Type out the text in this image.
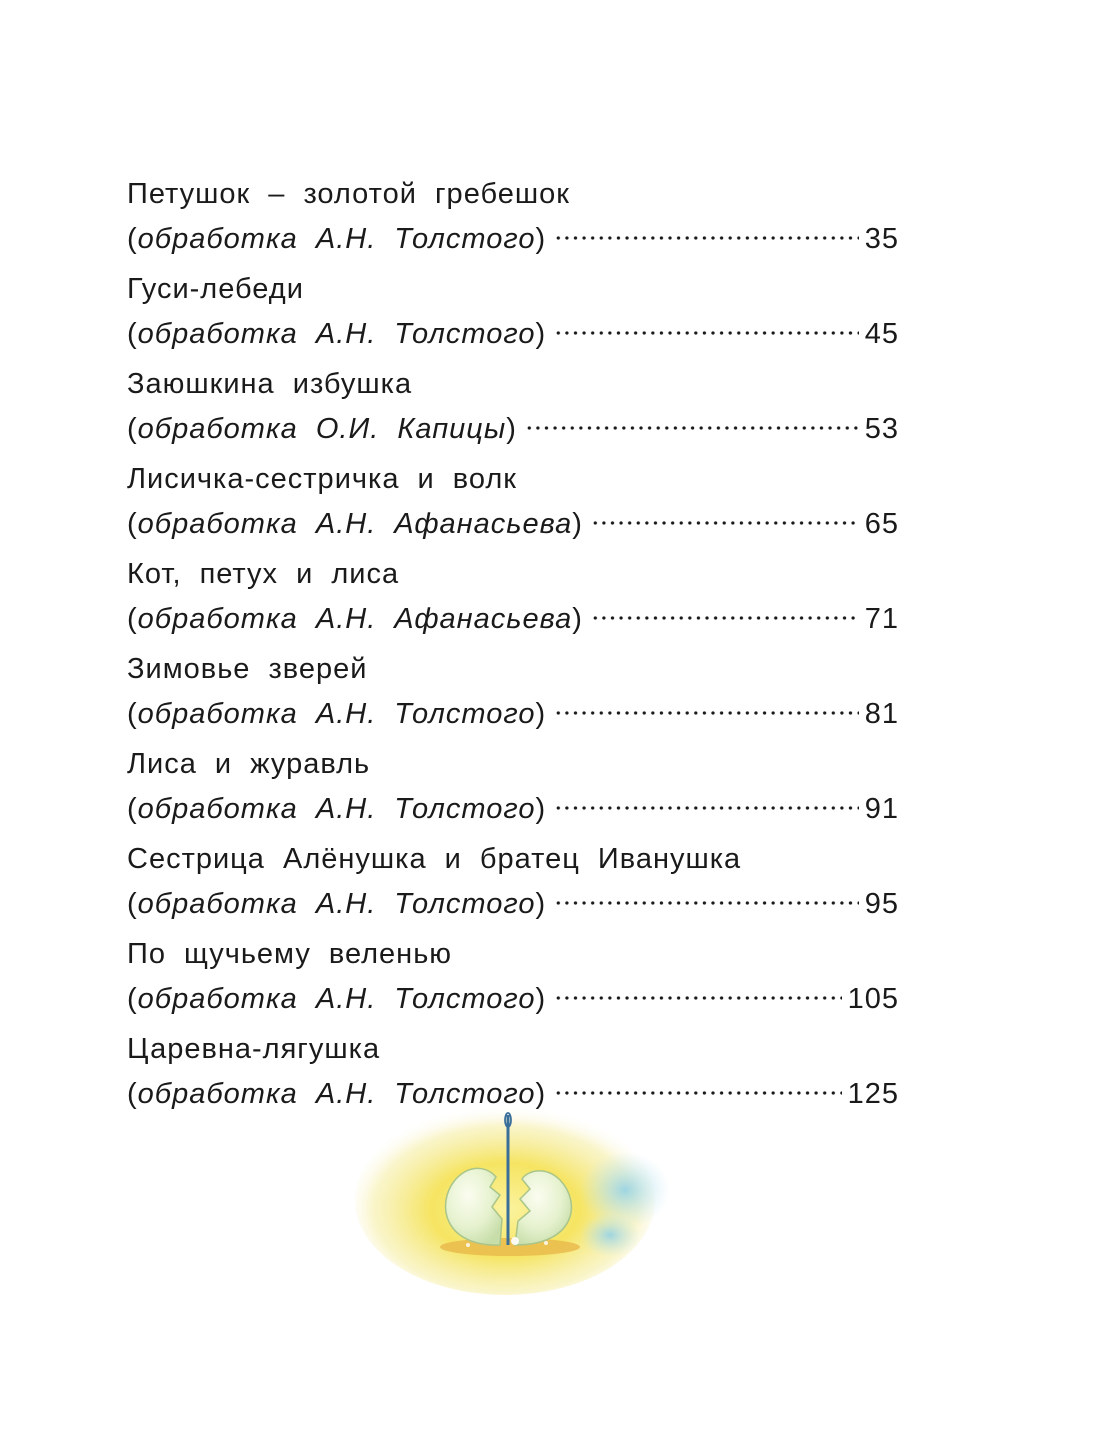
Петушок – золотой гребешок
( обработка А.Н. Толстого )	35
Гуси-лебеди
( обработка А.Н. Толстого )	45
Заюшкина избушка
( обработка О.И. Капицы )	53
Лисичка-сестричка и волк
( обработка А.Н. Афанасьева )	65
Кот, петух и лиса
( обработка А.Н. Афанасьева )	71
Зимовье зверей
( обработка А.Н. Толстого )	81
Лиса и журавль
( обработка А.Н. Толстого )	91
Сестрица Алёнушка и братец Иванушка
( обработка А.Н. Толстого )	95
По щучьему веленью
( обработка А.Н. Толстого )	105
Царевна-лягушка
( обработка А.Н. Толстого )	125
